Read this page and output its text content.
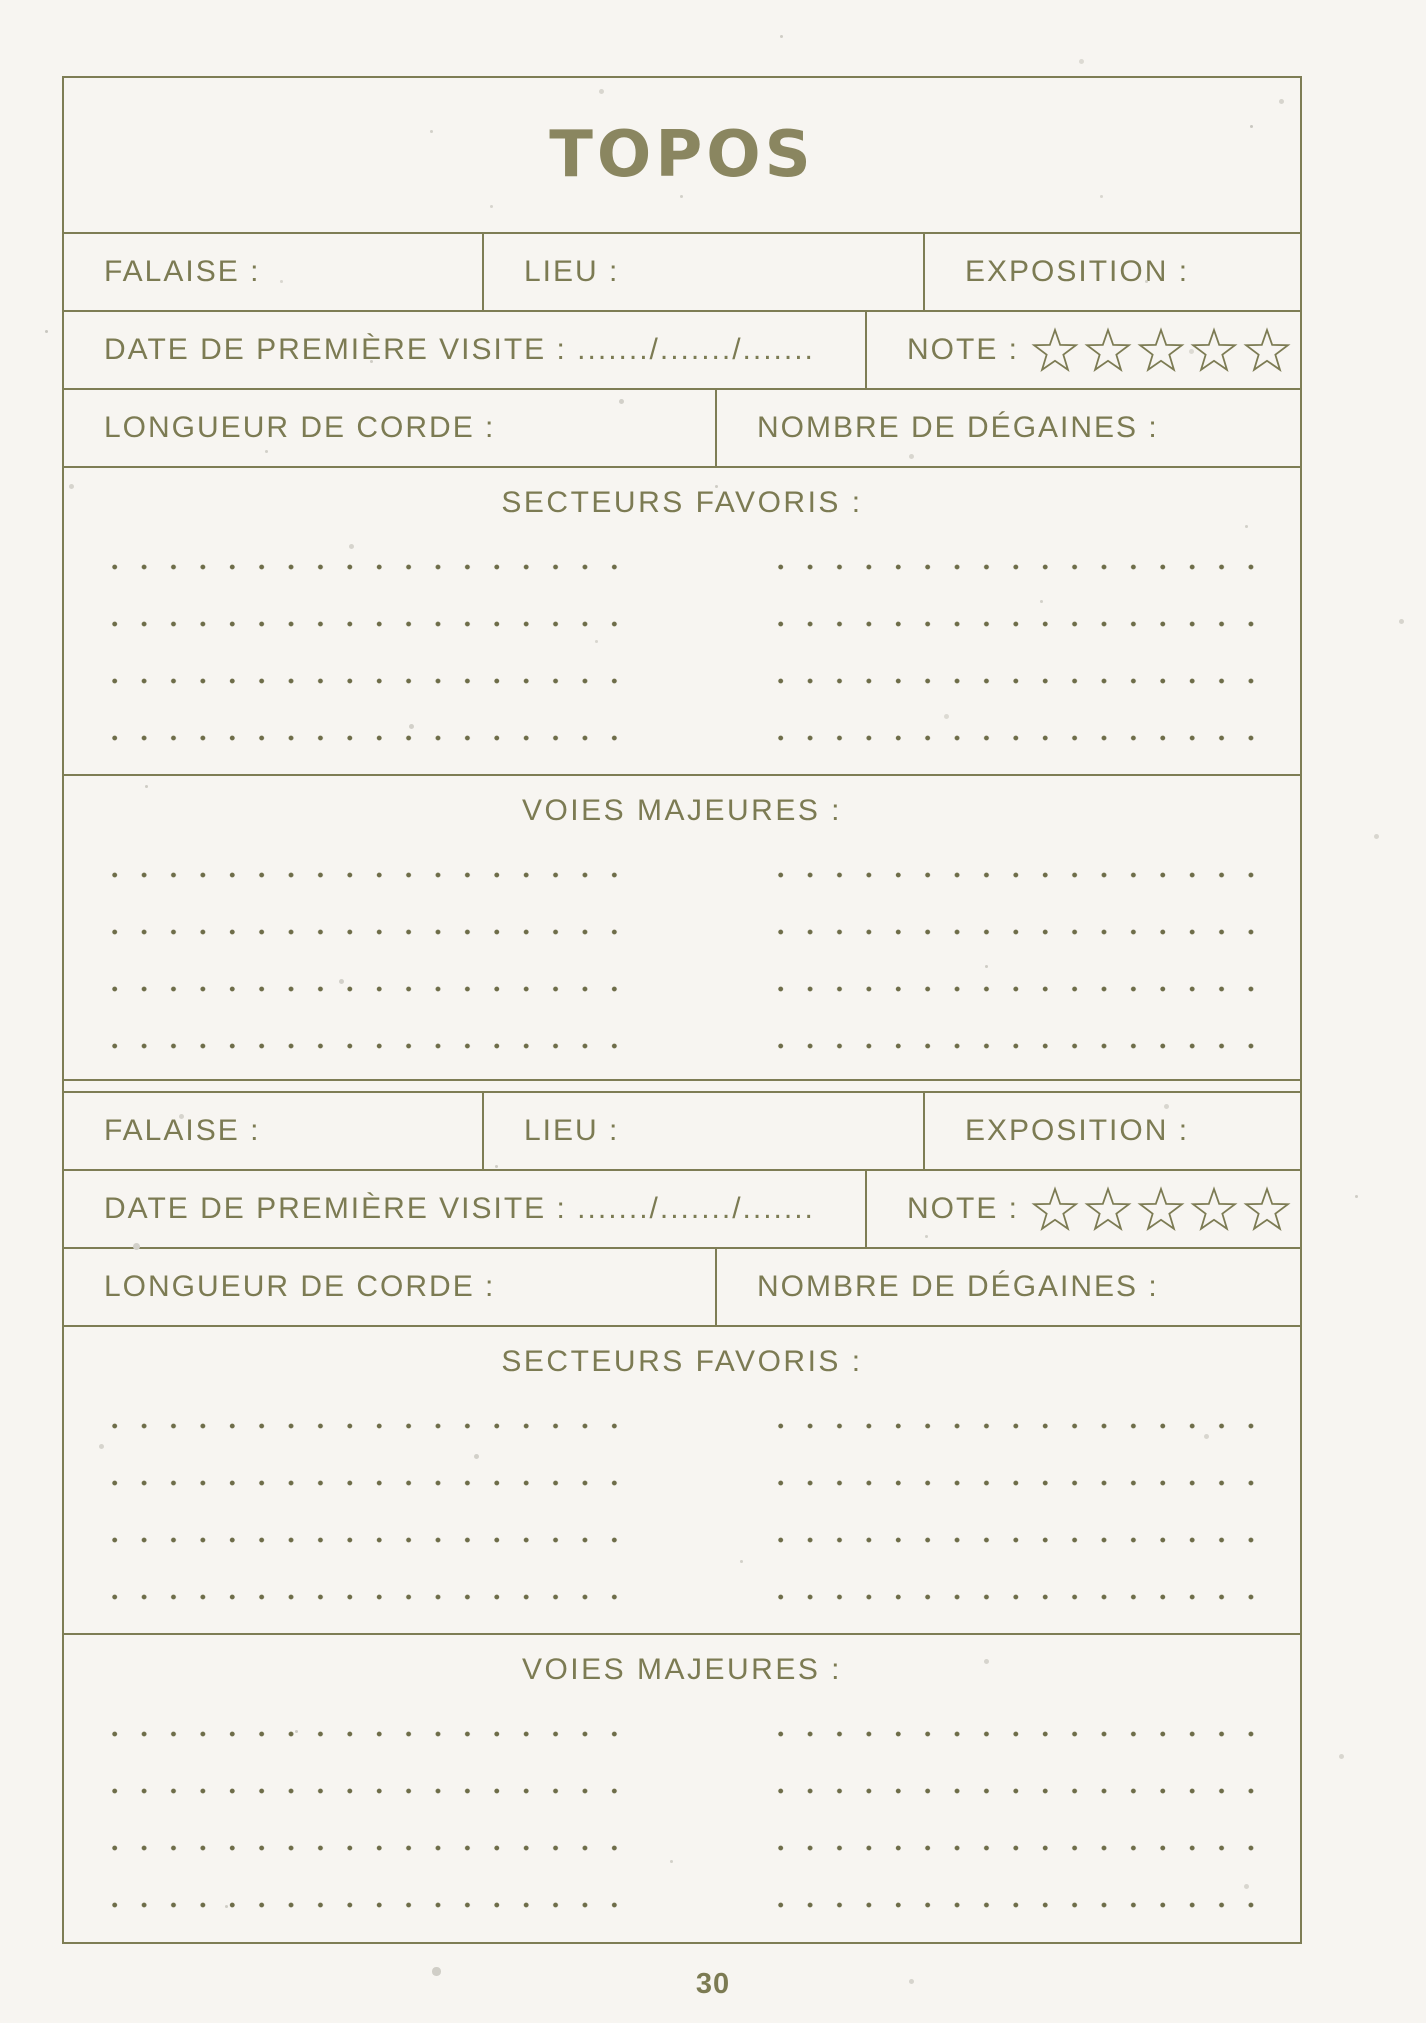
TOPOS
FALAISE :	LIEU :	EXPOSITION :
DATE DE PREMIÈRE VISITE : ......./......./.......	NOTE :
LONGUEUR DE CORDE :	NOMBRE DE DÉGAINES :
SECTEURS FAVORIS :
VOIES MAJEURES :
FALAISE :	LIEU :	EXPOSITION :
DATE DE PREMIÈRE VISITE : ......./......./.......	NOTE :
LONGUEUR DE CORDE :	NOMBRE DE DÉGAINES :
SECTEURS FAVORIS :
VOIES MAJEURES :
30
